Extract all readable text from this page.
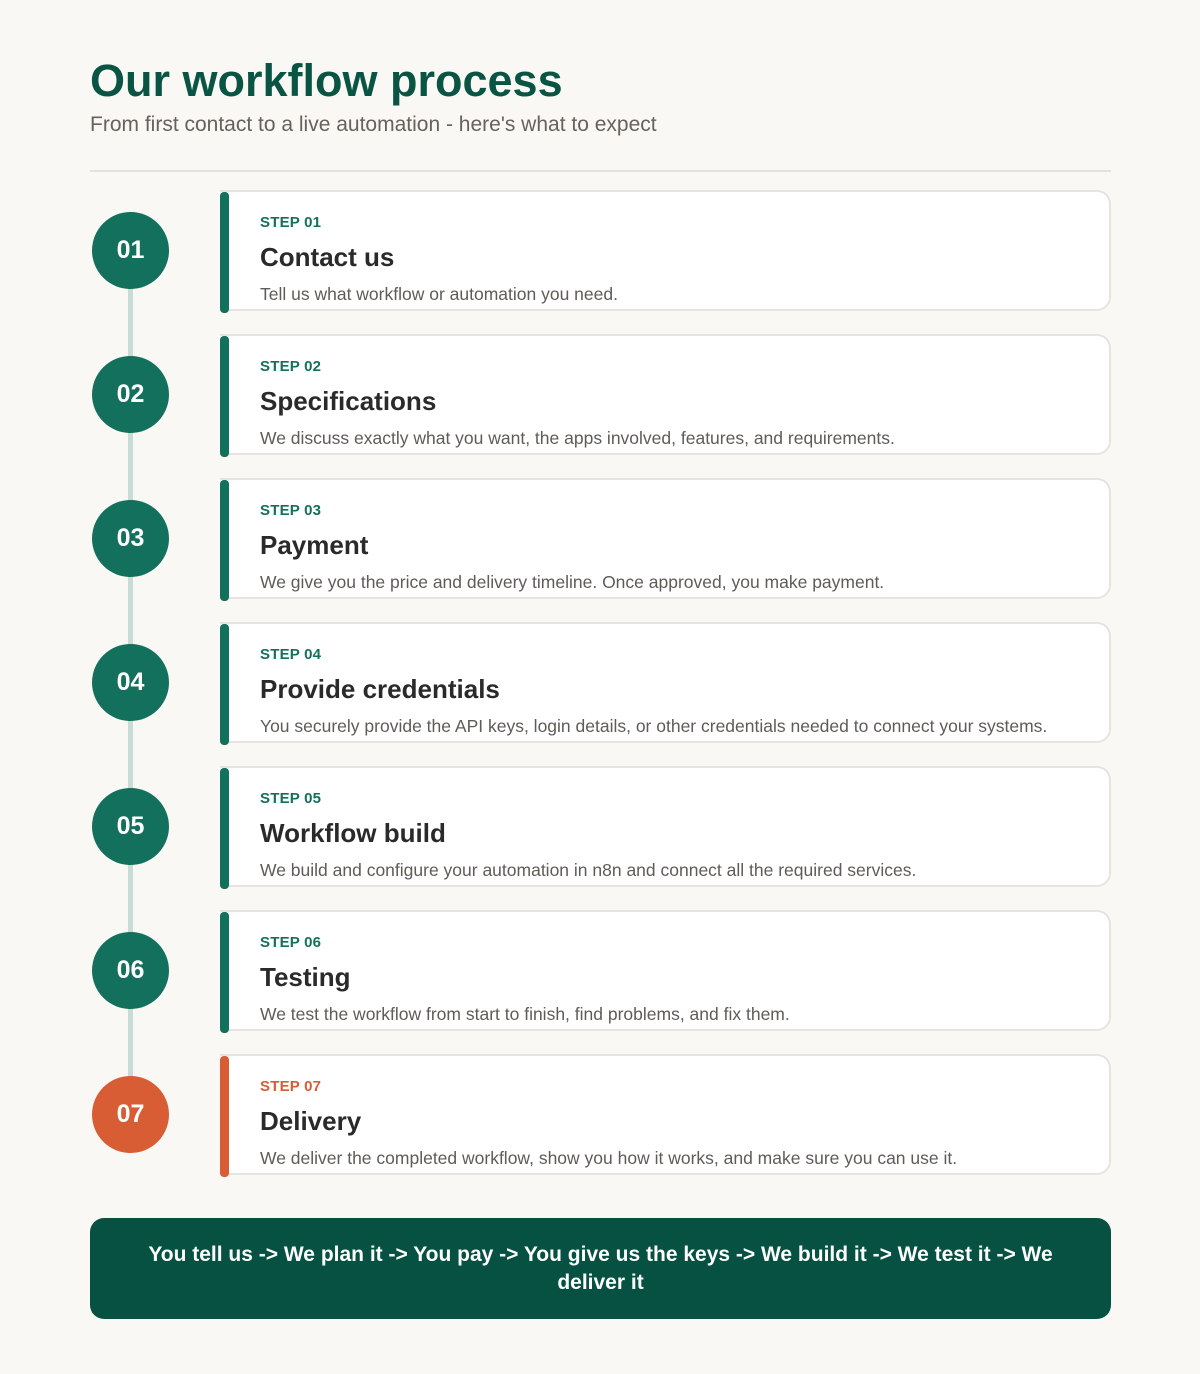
Our workflow process

From first contact to a live automation - here's what to expect

01
STEP 01
Contact us
Tell us what workflow or automation you need.
02
STEP 02
Specifications
We discuss exactly what you want, the apps involved, features, and requirements.
03
STEP 03
Payment
We give you the price and delivery timeline. Once approved, you make payment.
04
STEP 04
Provide credentials
You securely provide the API keys, login details, or other credentials needed to connect your systems.
05
STEP 05
Workflow build
We build and configure your automation in n8n and connect all the required services.
06
STEP 06
Testing
We test the workflow from start to finish, find problems, and fix them.
07
STEP 07
Delivery
We deliver the completed workflow, show you how it works, and make sure you can use it.
You tell us -> We plan it -> You pay -> You give us the keys -> We build it -> We test it -> We deliver it
